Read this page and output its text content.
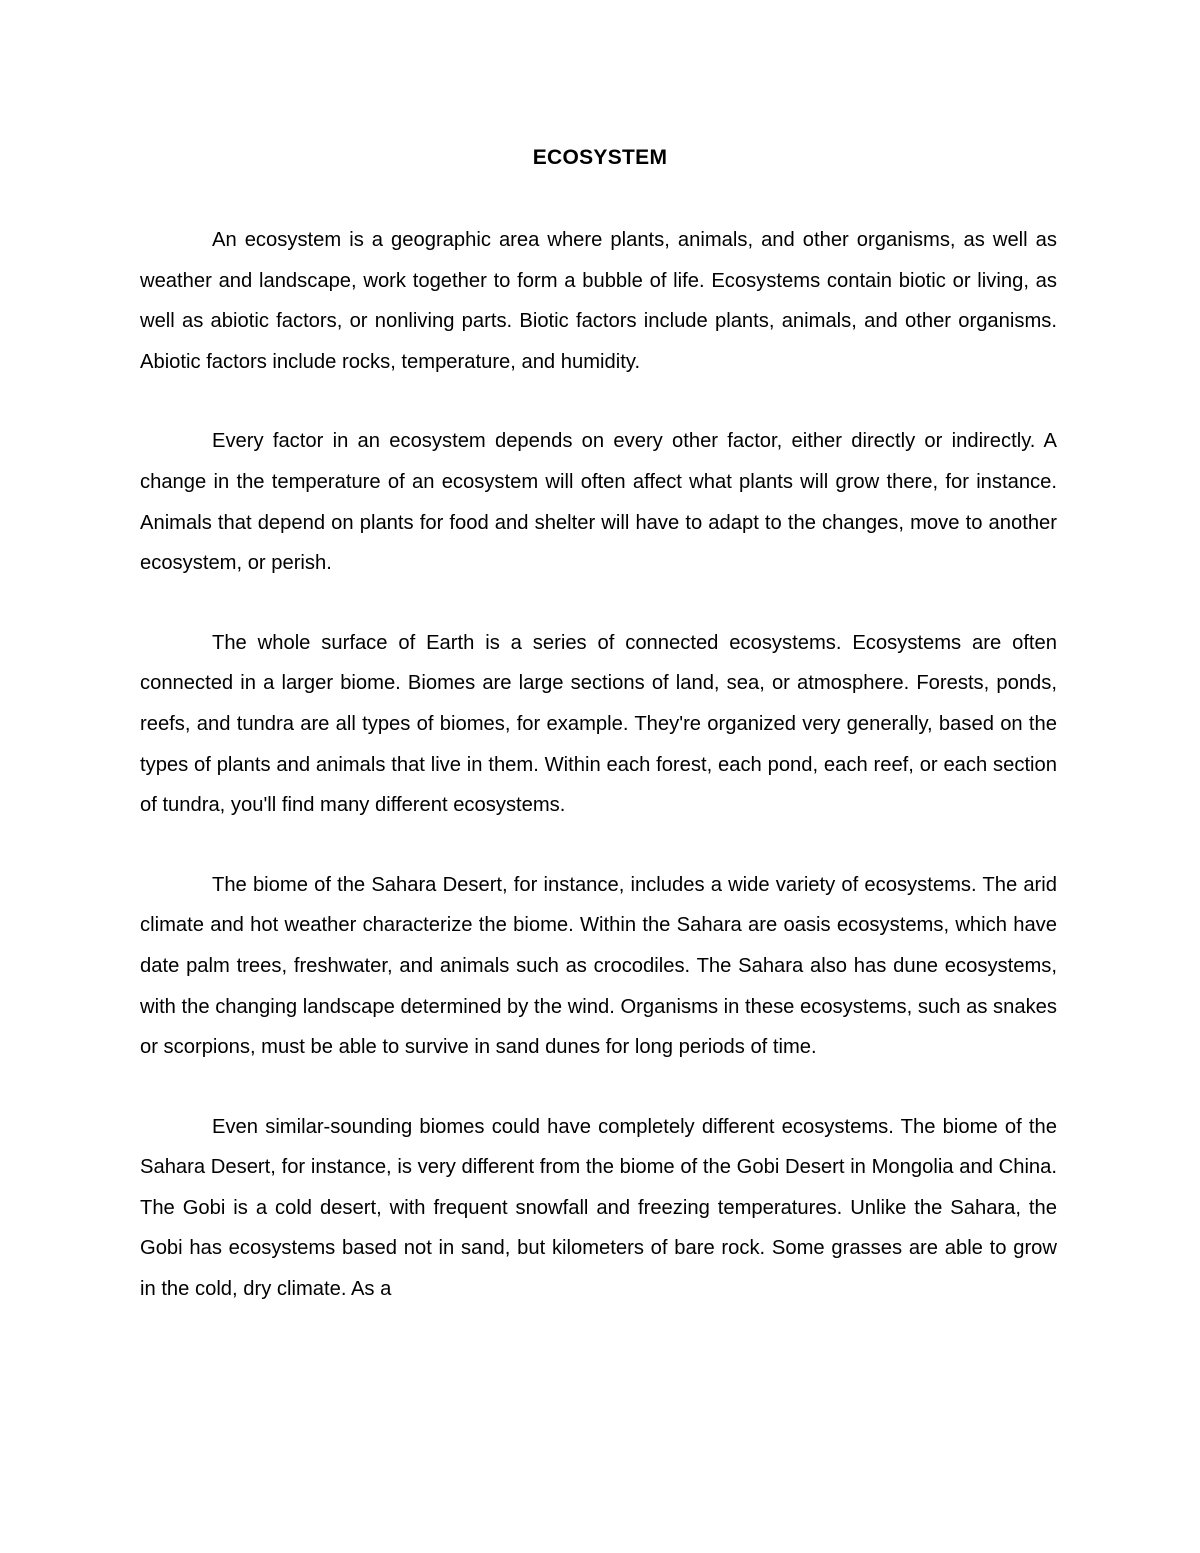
ECOSYSTEM

An ecosystem is a geographic area where plants, animals, and other organisms, as well as weather and landscape, work together to form a bubble of life. Ecosystems contain biotic or living, as well as abiotic factors, or nonliving parts. Biotic factors include plants, animals, and other organisms. Abiotic factors include rocks, temperature, and humidity.

Every factor in an ecosystem depends on every other factor, either directly or indirectly. A change in the temperature of an ecosystem will often affect what plants will grow there, for instance. Animals that depend on plants for food and shelter will have to adapt to the changes, move to another ecosystem, or perish.

The whole surface of Earth is a series of connected ecosystems. Ecosystems are often connected in a larger biome. Biomes are large sections of land, sea, or atmosphere. Forests, ponds, reefs, and tundra are all types of biomes, for example. They're organized very generally, based on the types of plants and animals that live in them. Within each forest, each pond, each reef, or each section of tundra, you'll find many different ecosystems.

The biome of the Sahara Desert, for instance, includes a wide variety of ecosystems. The arid climate and hot weather characterize the biome. Within the Sahara are oasis ecosystems, which have date palm trees, freshwater, and animals such as crocodiles. The Sahara also has dune ecosystems, with the changing landscape determined by the wind. Organisms in these ecosystems, such as snakes or scorpions, must be able to survive in sand dunes for long periods of time.

Even similar-sounding biomes could have completely different ecosystems. The biome of the Sahara Desert, for instance, is very different from the biome of the Gobi Desert in Mongolia and China. The Gobi is a cold desert, with frequent snowfall and freezing temperatures. Unlike the Sahara, the Gobi has ecosystems based not in sand, but kilometers of bare rock. Some grasses are able to grow in the cold, dry climate. As a
